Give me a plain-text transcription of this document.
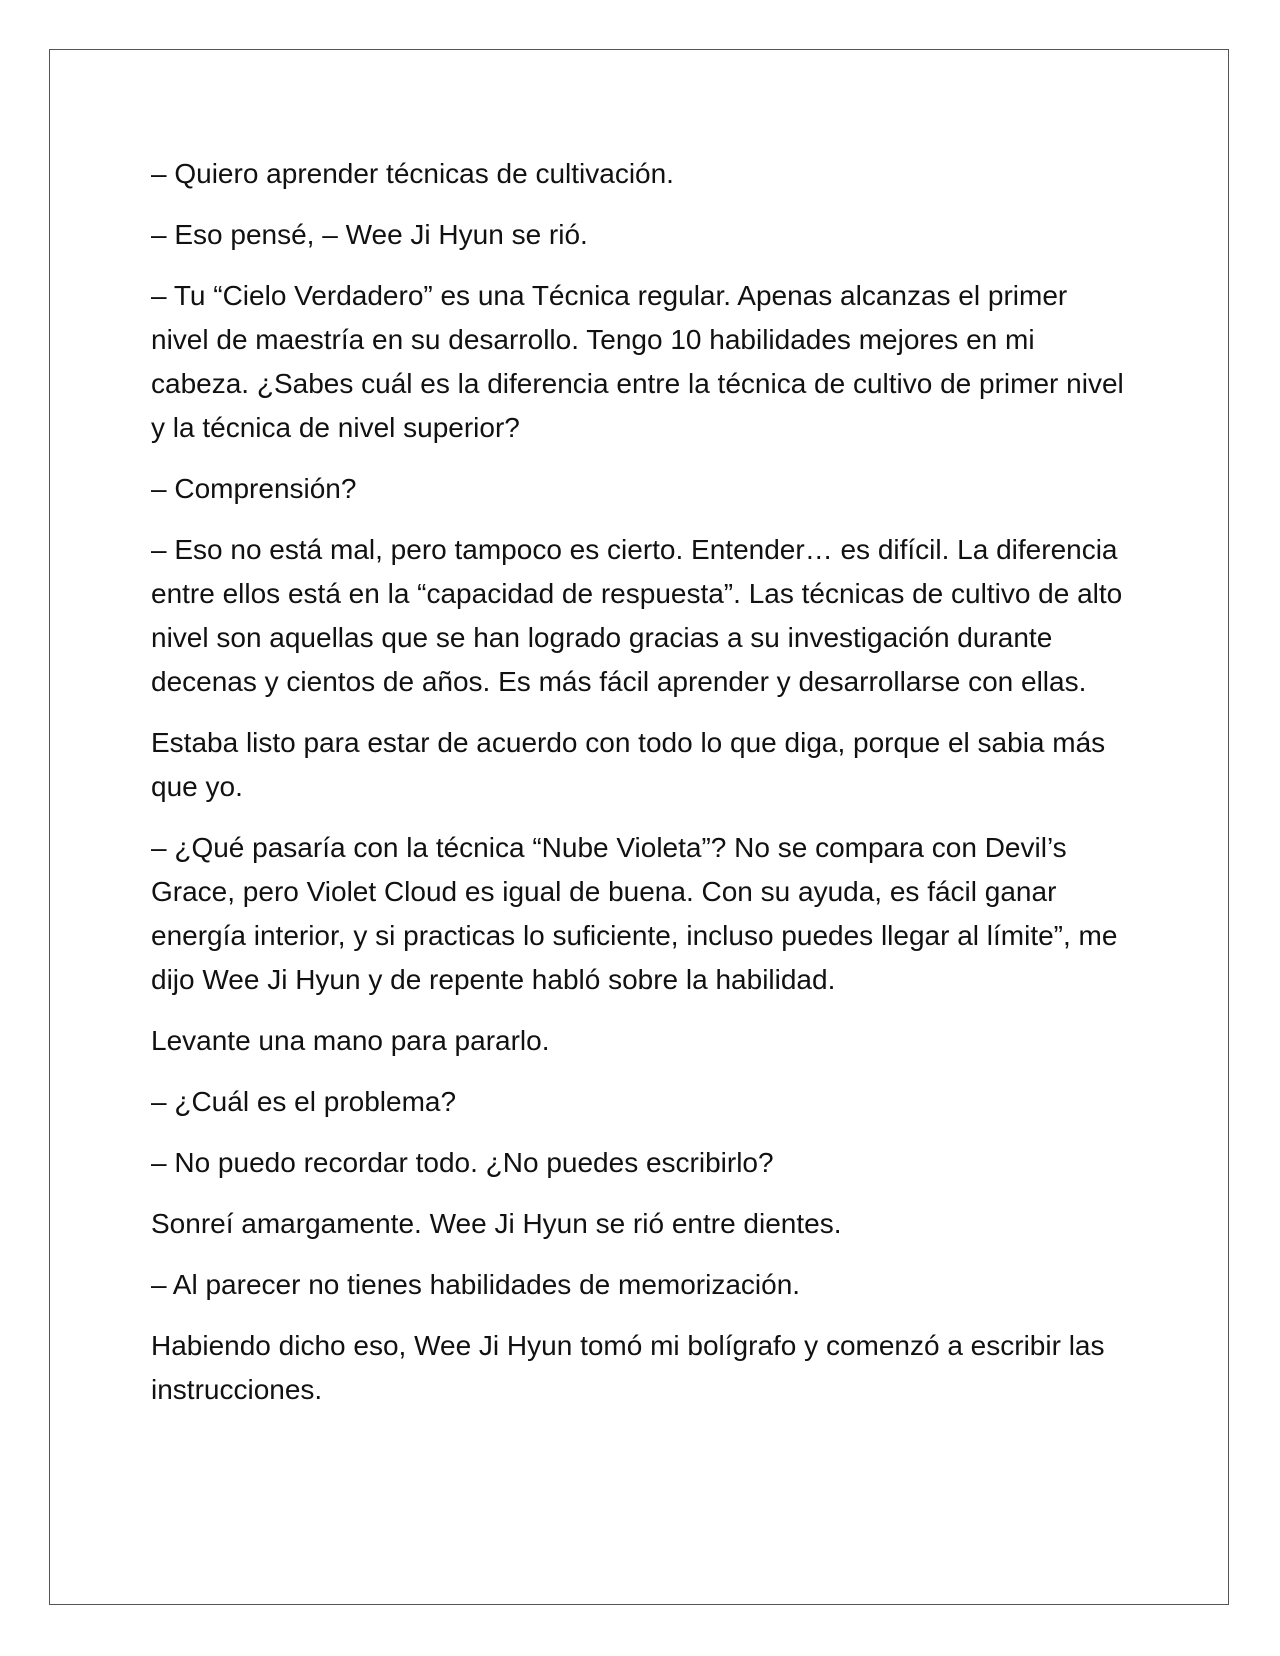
– Quiero aprender técnicas de cultivación.

– Eso pensé, – Wee Ji Hyun se rió.

– Tu “Cielo Verdadero” es una Técnica regular. Apenas alcanzas el primer nivel de maestría en su desarrollo. Tengo 10 habilidades mejores en mi cabeza. ¿Sabes cuál es la diferencia entre la técnica de cultivo de primer nivel y la técnica de nivel superior?

– Comprensión?

– Eso no está mal, pero tampoco es cierto. Entender… es difícil. La diferencia entre ellos está en la “capacidad de respuesta”. Las técnicas de cultivo de alto nivel son aquellas que se han logrado gracias a su investigación durante decenas y cientos de años. Es más fácil aprender y desarrollarse con ellas.

Estaba listo para estar de acuerdo con todo lo que diga, porque el sabia más que yo.

– ¿Qué pasaría con la técnica “Nube Violeta”? No se compara con Devil’s Grace, pero Violet Cloud es igual de buena. Con su ayuda, es fácil ganar energía interior, y si practicas lo suficiente, incluso puedes llegar al límite”, me dijo Wee Ji Hyun y de repente habló sobre la habilidad.

Levante una mano para pararlo.

– ¿Cuál es el problema?

– No puedo recordar todo. ¿No puedes escribirlo?

Sonreí amargamente. Wee Ji Hyun se rió entre dientes.

– Al parecer no tienes habilidades de memorización.

Habiendo dicho eso, Wee Ji Hyun tomó mi bolígrafo y comenzó a escribir las instrucciones.
